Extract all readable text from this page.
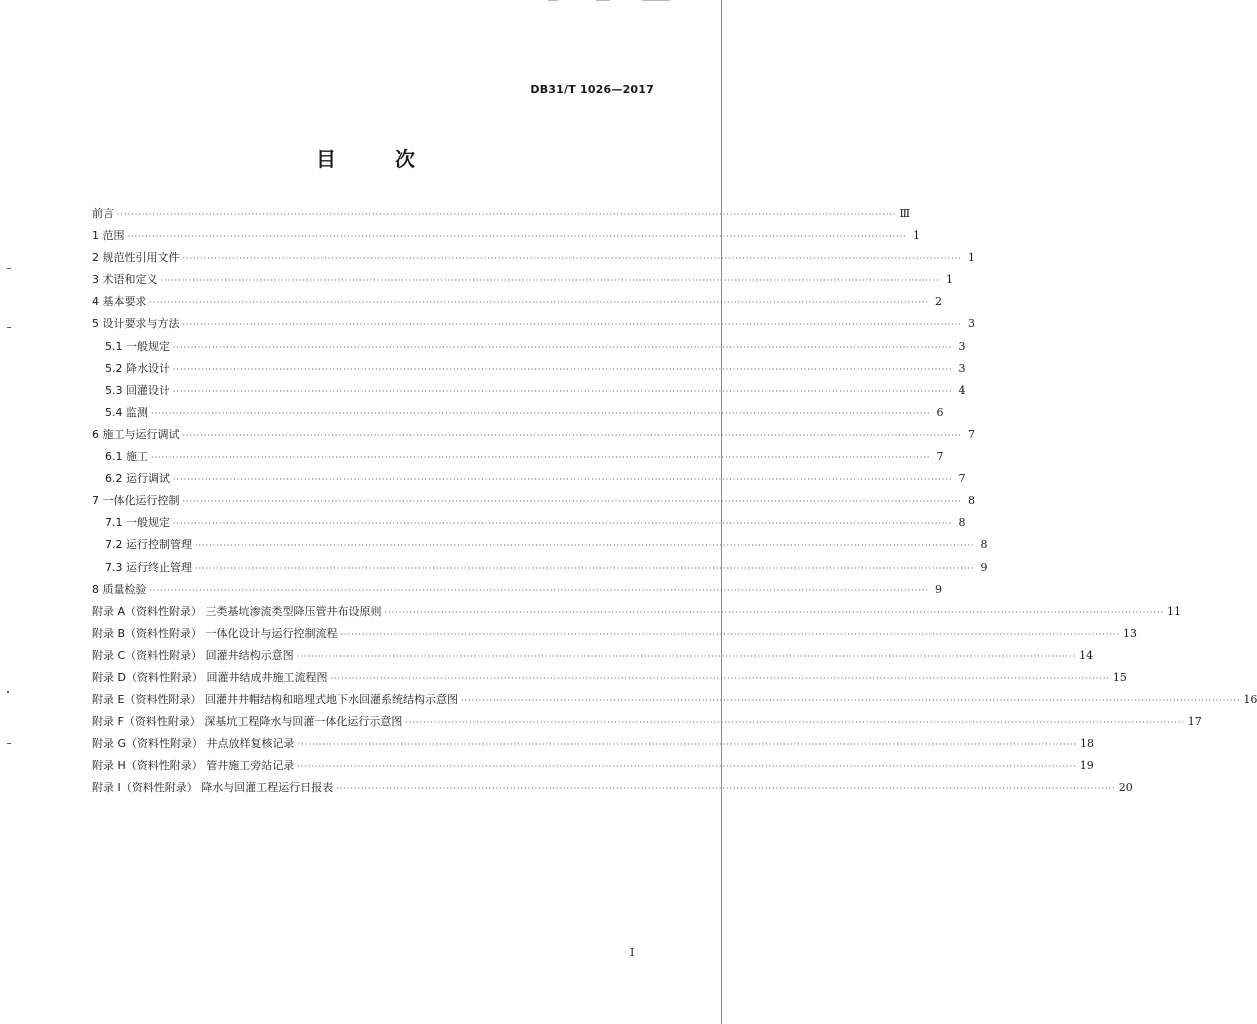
DB31/T 1026—2017
目 次
前言 ···························································································································································································································· Ⅲ
1 范围 ···························································································································································································································· 1
2 规范性引用文件 ···························································································································································································································· 1
3 术语和定义 ···························································································································································································································· 1
4 基本要求 ···························································································································································································································· 2
5 设计要求与方法 ···························································································································································································································· 3
5.1 一般规定 ···························································································································································································································· 3
5.2 降水设计 ···························································································································································································································· 3
5.3 回灌设计 ···························································································································································································································· 4
5.4 监测 ···························································································································································································································· 6
6 施工与运行调试 ···························································································································································································································· 7
6.1 施工 ···························································································································································································································· 7
6.2 运行调试 ···························································································································································································································· 7
7 一体化运行控制 ···························································································································································································································· 8
7.1 一般规定 ···························································································································································································································· 8
7.2 运行控制管理 ···························································································································································································································· 8
7.3 运行终止管理 ···························································································································································································································· 9
8 质量检验 ···························································································································································································································· 9
附录 A（资料性附录） 三类基坑渗流类型降压管井布设原则 ···························································································································································································································· 11
附录 B（资料性附录） 一体化设计与运行控制流程 ···························································································································································································································· 13
附录 C（资料性附录） 回灌井结构示意图 ···························································································································································································································· 14
附录 D（资料性附录） 回灌井结成井施工流程图 ···························································································································································································································· 15
附录 E（资料性附录） 回灌井井帽结构和暗埋式地下水回灌系统结构示意图 ···························································································································································································································· 16
附录 F（资料性附录） 深基坑工程降水与回灌一体化运行示意图 ···························································································································································································································· 17
附录 G（资料性附录） 井点放样复核记录 ···························································································································································································································· 18
附录 H（资料性附录） 管井施工旁站记录 ···························································································································································································································· 19
附录 I（资料性附录） 降水与回灌工程运行日报表 ···························································································································································································································· 20
I
